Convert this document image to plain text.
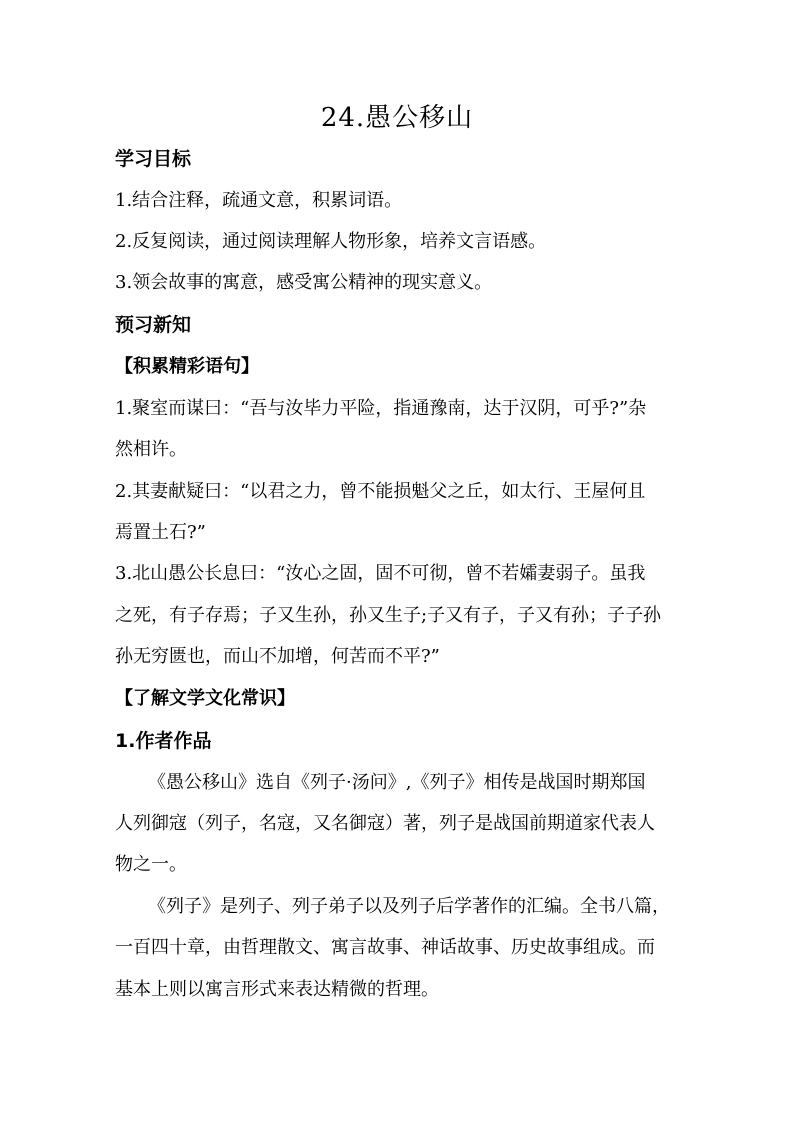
24.愚公移山
学习目标
1.结合注释，疏通文意，积累词语。
2.反复阅读，通过阅读理解人物形象，培养文言语感。
3.领会故事的寓意，感受寓公精神的现实意义。
预习新知
【积累精彩语句】
1.聚室而谋曰：“吾与汝毕力平险，指通豫南，达于汉阴，可乎?”杂
然相许。
2.其妻献疑曰：“以君之力，曾不能损魁父之丘，如太行、王屋何且
焉置土石?”
3.北山愚公长息曰：“汝心之固，固不可彻，曾不若孀妻弱子。虽我
之死，有子存焉；子又生孙，孙又生子;子又有子，子又有孙；子子孙
孙无穷匮也，而山不加增，何苦而不平?”
【了解文学文化常识】
1.作者作品
《愚公移山》选自《列子·汤问》,《列子》相传是战国时期郑国
人列御寇（列子，名寇，又名御寇）著，列子是战国前期道家代表人
物之一。
《列子》是列子、列子弟子以及列子后学著作的汇编。全书八篇，
一百四十章，由哲理散文、寓言故事、神话故事、历史故事组成。而
基本上则以寓言形式来表达精微的哲理。
